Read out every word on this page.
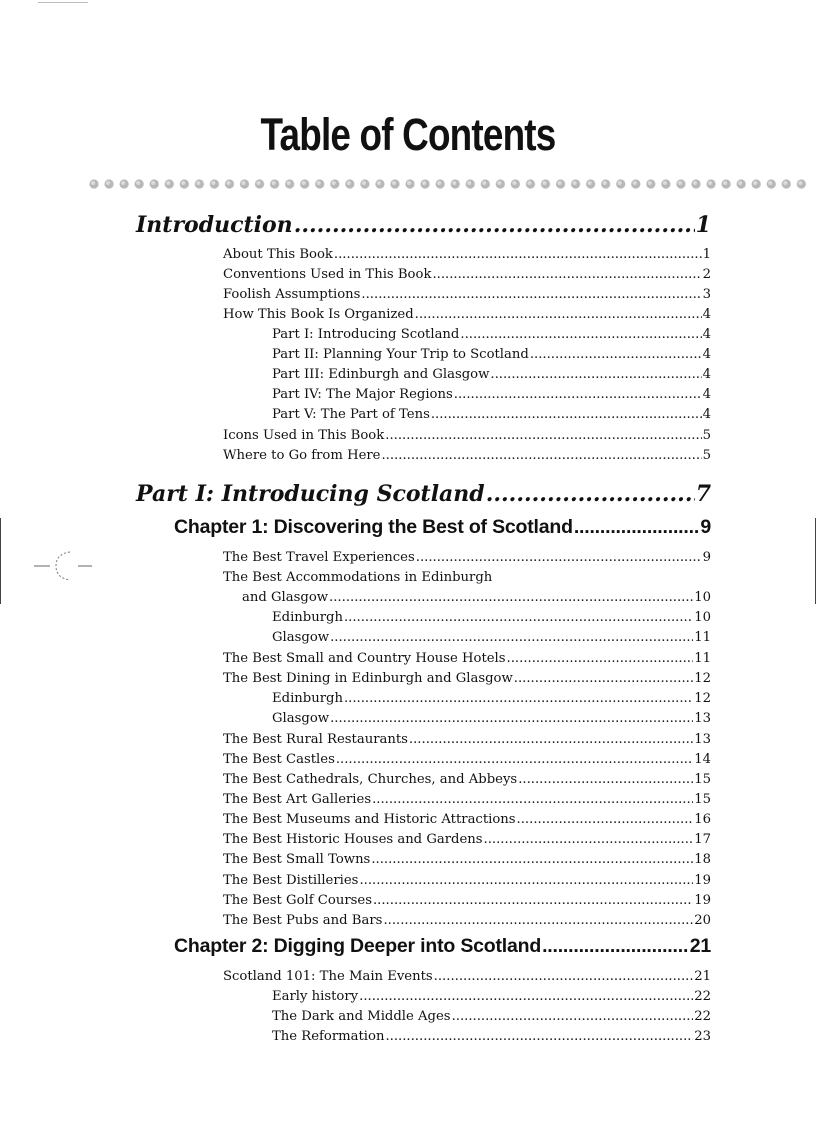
Table of Contents
Introduction .....	1
About This Book .....	1
Conventions Used in This Book .....	2
Foolish Assumptions .....	3
How This Book Is Organized .....	4
Part I: Introducing Scotland .....	4
Part II: Planning Your Trip to Scotland .....	4
Part III: Edinburgh and Glasgow .....	4
Part IV: The Major Regions .....	4
Part V: The Part of Tens .....	4
Icons Used in This Book .....	5
Where to Go from Here .....	5
Part I: Introducing Scotland .....	7
Chapter 1: Discovering the Best of Scotland .....	9
The Best Travel Experiences .....	9
The Best Accommodations in Edinburgh
and Glasgow .....	10
Edinburgh .....	10
Glasgow .....	11
The Best Small and Country House Hotels .....	11
The Best Dining in Edinburgh and Glasgow .....	12
Edinburgh .....	12
Glasgow .....	13
The Best Rural Restaurants .....	13
The Best Castles .....	14
The Best Cathedrals, Churches, and Abbeys .....	15
The Best Art Galleries .....	15
The Best Museums and Historic Attractions .....	16
The Best Historic Houses and Gardens .....	17
The Best Small Towns .....	18
The Best Distilleries .....	19
The Best Golf Courses .....	19
The Best Pubs and Bars .....	20
Chapter 2: Digging Deeper into Scotland .....	21
Scotland 101: The Main Events .....	21
Early history .....	22
The Dark and Middle Ages .....	22
The Reformation .....	23
